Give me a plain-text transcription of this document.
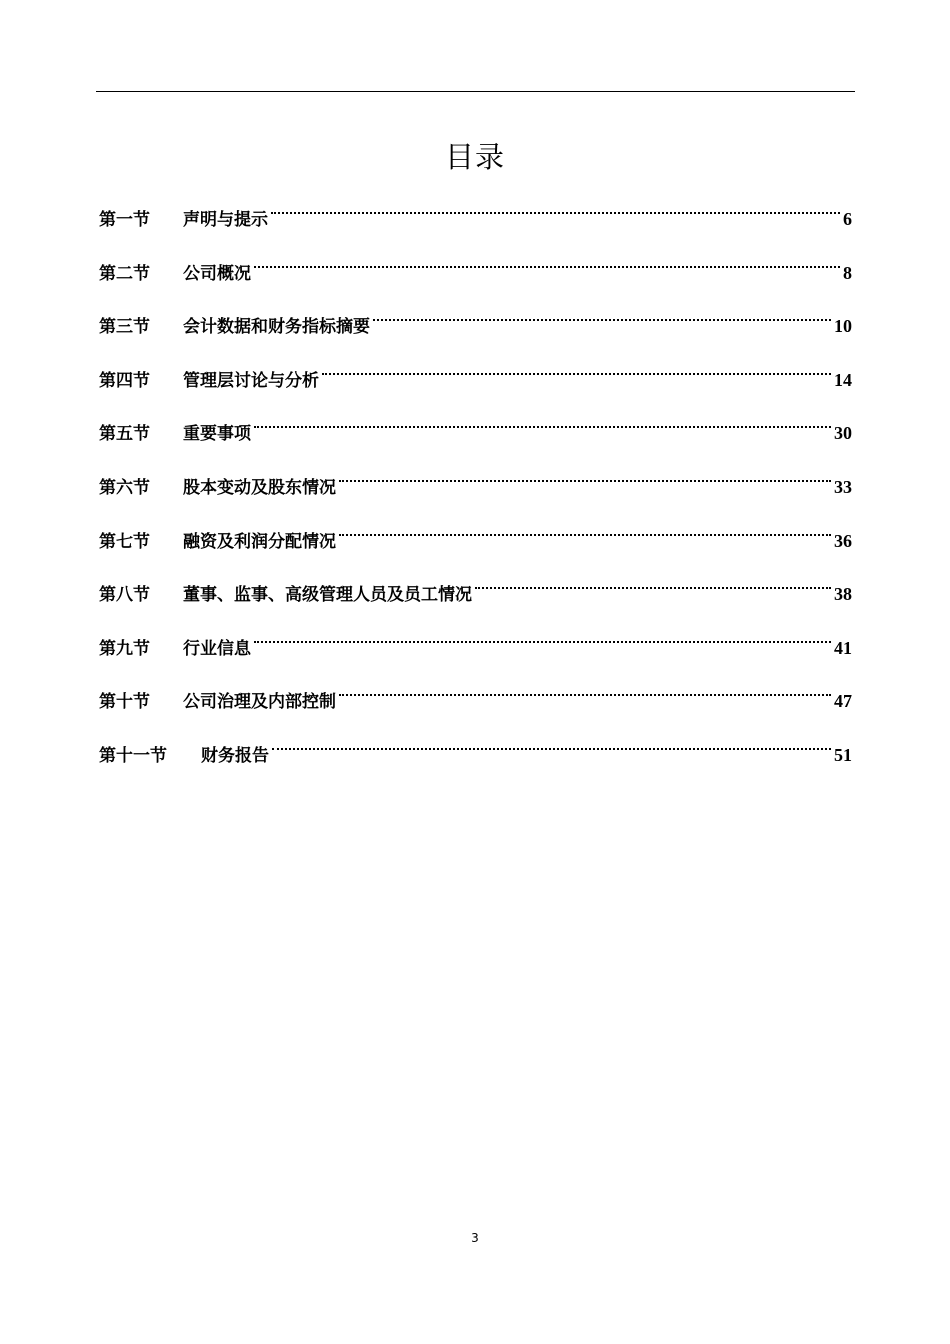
目录
第一节	声明与提示	6
第二节	公司概况	8
第三节	会计数据和财务指标摘要	10
第四节	管理层讨论与分析	14
第五节	重要事项	30
第六节	股本变动及股东情况	33
第七节	融资及利润分配情况	36
第八节	董事、监事、高级管理人员及员工情况	38
第九节	行业信息	41
第十节	公司治理及内部控制	47
第十一节	财务报告	51
3
